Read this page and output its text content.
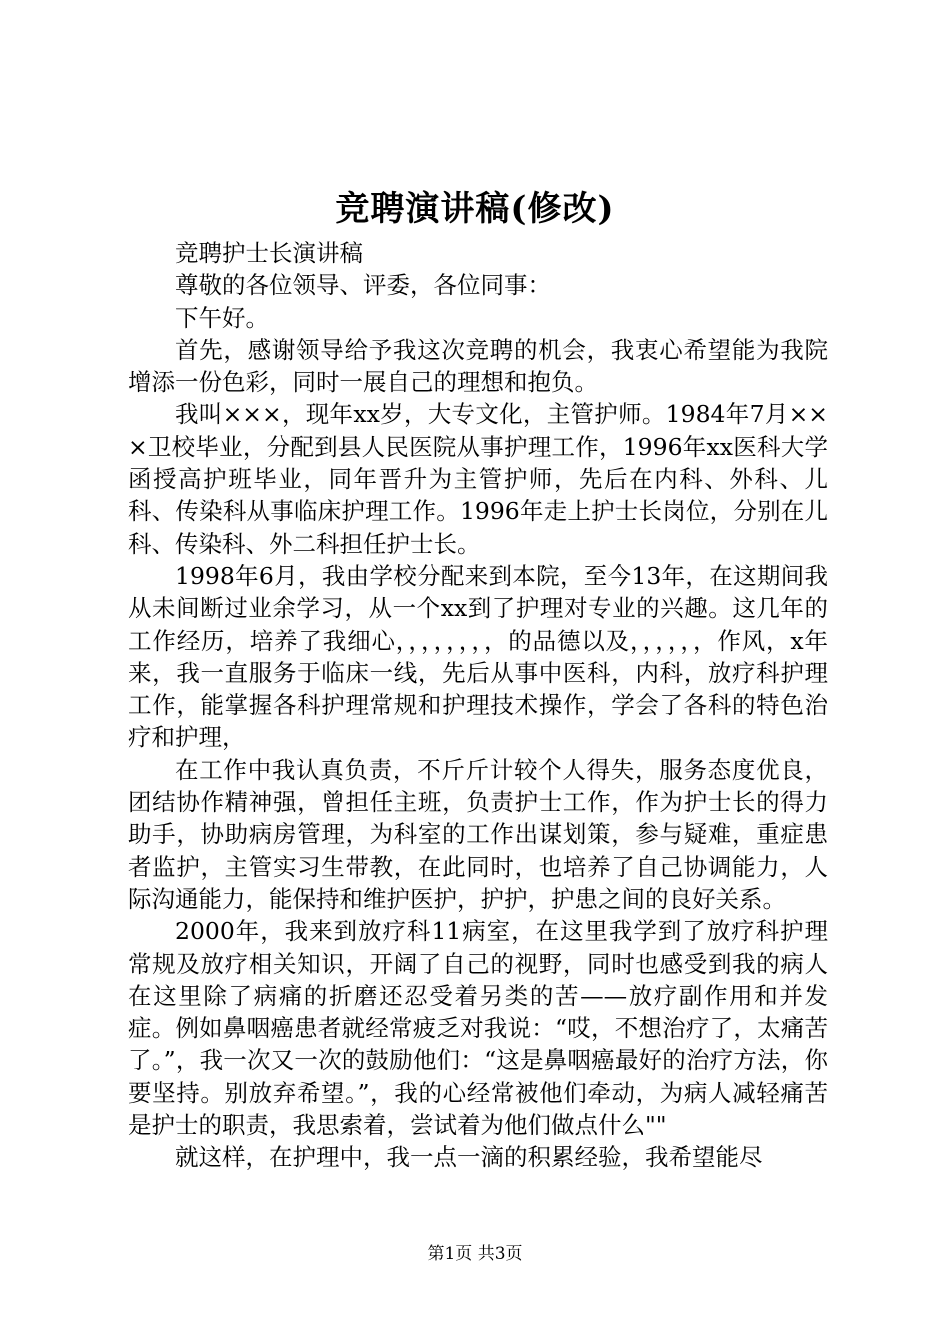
竞聘演讲稿(修改)

竞聘护士长演讲稿

尊敬的各位领导、评委，各位同事：

下午好。

首先，感谢领导给予我这次竞聘的机会，我衷心希望能为我院增添一份色彩，同时一展自己的理想和抱负。

我叫×××，现年xx岁，大专文化，主管护师。1984年7月×××卫校毕业，分配到县人民医院从事护理工作，1996年xx医科大学函授高护班毕业，同年晋升为主管护师，先后在内科、外科、儿科、传染科从事临床护理工作。1996年走上护士长岗位，分别在儿科、传染科、外二科担任护士长。

1998年6月，我由学校分配来到本院，至今13年，在这期间我从未间断过业余学习，从一个xx到了护理对专业的兴趣。这几年的工作经历，培养了我细心，，，，，，，，的品德以及，，，，，，作风，x年来，我一直服务于临床一线，先后从事中医科，内科，放疗科护理工作，能掌握各科护理常规和护理技术操作，学会了各科的特色治疗和护理，

在工作中我认真负责，不斤斤计较个人得失，服务态度优良，团结协作精神强，曾担任主班，负责护士工作，作为护士长的得力助手，协助病房管理，为科室的工作出谋划策，参与疑难，重症患者监护，主管实习生带教，在此同时，也培养了自己协调能力，人际沟通能力，能保持和维护医护，护护，护患之间的良好关系。

2000年，我来到放疗科11病室，在这里我学到了放疗科护理常规及放疗相关知识，开阔了自己的视野，同时也感受到我的病人在这里除了病痛的折磨还忍受着另类的苦——放疗副作用和并发症。例如鼻咽癌患者就经常疲乏对我说：“哎，不想治疗了，太痛苦了。”，我一次又一次的鼓励他们：“这是鼻咽癌最好的治疗方法，你要坚持。别放弃希望。”，我的心经常被他们牵动，为病人减轻痛苦是护士的职责，我思索着，尝试着为他们做点什么""

就这样，在护理中，我一点一滴的积累经验，我希望能尽

第1页 共3页
